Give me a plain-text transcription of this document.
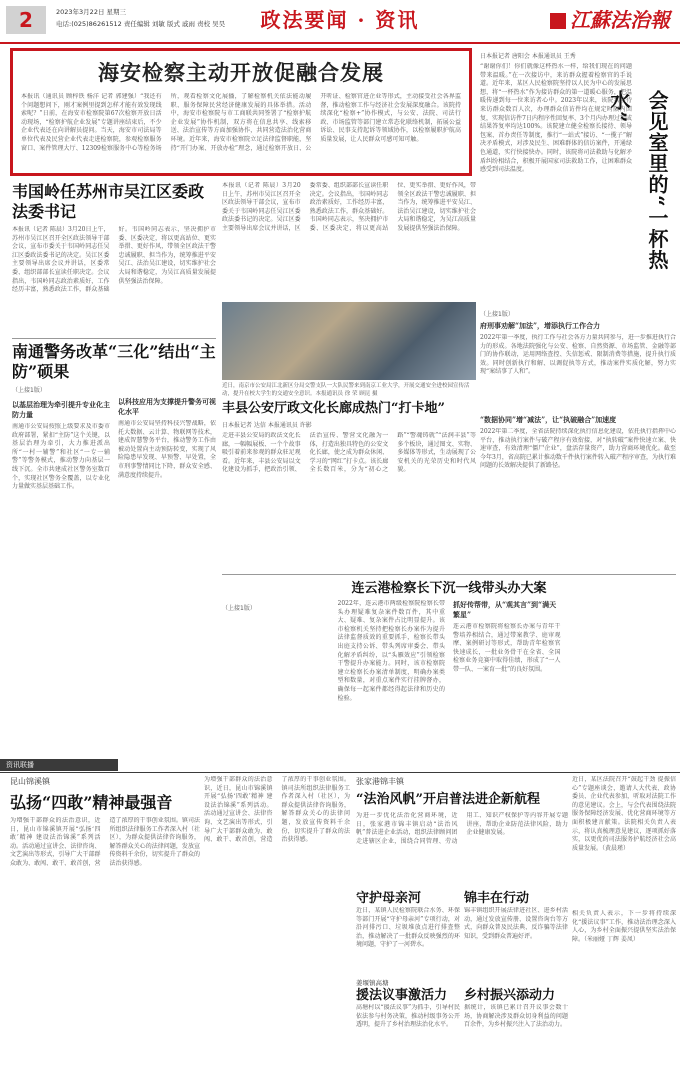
2	2023年3月22日 星期三
电话:(025)86261512 责任编辑 刘敏 版式 戚雨 责校 吴昊	政法要闻 · 资讯	江蘇法治報
海安检察主动开放促融合发展
本报讯（通讯员 顾梓铁 杨洋 记者 郭建强）“我还有个问题想问下，刚才案例里提到怎样才能有效发现线索呢？”日前，在海安市检察院第67次检察开放日活动现场，“检察护航企业发展”专题讲座结束后，不少企业代表还在向讲解员提问。当天，海安市司法局等单位代表及民营企业代表走进检察院，参观检察服务窗口、案件管理大厅、12309检察服务中心等检务场所，观看检察文化展播，了解检察机关依法能动履职、服务保障民营经济健康发展的具体举措。活动中，海安市检察院与市工商联共同签署了“检察护航企业发展”协作机制，双方将在信息共享、线索移送、法治宣传等方面加强协作，共同营造法治化营商环境。近年来，海安市检察院立足法律监督职能，坚持“开门办案、开放办检”理念，通过检察开放日、公开听证、检察官进企业等形式，主动接受社会各界监督，推动检察工作与经济社会发展深度融合。该院持续深化“检察+”协作模式，与公安、法院、司法行政、市场监管等部门建立常态化联络机制，拓展公益诉讼、民事支持起诉等领域协作，以检察履职护航高质量发展，让人民群众可感可知可触。
日本报记者 唐阳会 本报通讯员 王秀
“谢谢你们！你们就像这杯热水一样，给我们现在的问题带来温暖。”在一次接访中，来访群众握着检察官的手说道。近年来，某区人民检察院坚持以人民为中心的发展思想，将“一杯热水”作为接访群众的第一道暖心服务，把温暖传递到每一位来访者心中。2023年以来，该院共接待来访群众数百人次，办理群众信访件均在规定时限内回复，实现信访件7日内程序性回复率、3个月内办理过程或结果答复率均达100%。该院建立健全检察长接待、领导包案、首办责任等制度，推行“一站式”接访、“一揽子”解决矛盾模式，对涉及民生、困难群体的信访案件，开通绿色通道，实行快接快办。同时，该院将司法救助与化解矛盾纠纷相结合，积极开展国家司法救助工作，让困难群众感受到司法温度。	会见室里的“一杯热水”
（上接1版）
府刑事劝解“加法”，增添执行工作合力
2022年第一季度，执行工作与社会各方力量共同参与，进一步推进执行合力的形成。各地法院强化与公安、检察、自然资源、市场监管、金融等部门的协作联动，运用网络查控、失信惩戒、限制消费等措施，提升执行质效。同时创新执行和解、以调促执等方式，推动案件实质化解，努力实现“案结事了人和”。
“数据协同”增“减法”，让“执破融合”加速度
2022年第二季度，全省法院持续深化执行信息化建设，依托执行指挥中心平台，推动执行案件与破产程序有效衔接，对“执转破”案件快速立案、快速审查，有效清理“僵尸企业”，盘活存量资产，助力营商环境优化。截至今年3月，省高院已累计推动数千件执行案件转入破产程序审查，为执行难问题的长效解决提供了新路径。
韦国岭任苏州市吴江区委政法委书记
本报讯（记者 陈晨）3月20日上午，苏州市吴江区召开全区政法领导干部会议，宣布市委关于韦国岭同志任吴江区委政法委书记的决定。吴江区委主要领导出席会议并讲话，区委常委、组织部部长宣读任职决定。会议指出，韦国岭同志政治素质好，工作经历丰富，熟悉政法工作，群众基础好。韦国岭同志表示，坚决拥护市委、区委决定，将以更高站位、更实举措、更好作风，带领全区政法干警忠诚履职、担当作为，统筹推进平安吴江、法治吴江建设，切实维护社会大局和谐稳定，为吴江高质量发展提供坚强法治保障。
本报讯（记者 陈晨）3月20日上午，苏州市吴江区召开全区政法领导干部会议，宣布市委关于韦国岭同志任吴江区委政法委书记的决定。吴江区委主要领导出席会议并讲话，区委常委、组织部部长宣读任职决定。会议指出，韦国岭同志政治素质好，工作经历丰富，熟悉政法工作，群众基础好。韦国岭同志表示，坚决拥护市委、区委决定，将以更高站位、更实举措、更好作风，带领全区政法干警忠诚履职、担当作为，统筹推进平安吴江、法治吴江建设，切实维护社会大局和谐稳定，为吴江高质量发展提供坚强法治保障。
近日，南京市公安局江北新区分局交警支队一大队民警来到南京工业大学，开展交通安全进校园宣传活动，提升在校大学生的交通安全意识。本报通讯员 徐 荣 顾昆 摄
南通警务改革“三化”结出“主防”硕果
（上接1版）
以基层治理为牵引提升专业化主防力量
南通市公安局按照上级要求及市委市政府部署，紧扣“主防”这个关键，以基层治理为牵引，大力推进派出所“一村一辅警”和社区“一专一辅警”等警务模式，推动警力向基层一线下沉。全市共建成社区警务室数百个，实现社区警务全覆盖，以专业化力量做实基层基础工作。
以科技应用为支撑提升警务可视化水平
南通市公安局坚持科技兴警战略，依托大数据、云计算、物联网等技术，建成智慧警务平台，推动警务工作由被动处置向主动预防转变，实现了风险隐患早发现、早预警、早处置，全市刑事警情同比下降，群众安全感、满意度持续提升。
丰县公安厅政文化长廊成热门“打卡地”
日本报记者 达信 本报通讯员 许影
走进丰县公安局的政法文化长廊，一幅幅展板、一个个故事吸引着前来参观的群众驻足观看。近年来，丰县公安局以文化建设为抓手，把政治引领、法治宣传、警营文化融为一体，打造出独具特色的公安文化长廊，使之成为群众休闲、学习的“网红”打卡点。该长廊全长数百米，分为“初心之路”“警魂铸就”“法润丰县”等多个板块，通过图文、实物、多媒体等形式，生动展现了公安机关的光荣历史和时代风貌。
连云港检察长下沉一线带头办大案
（上接1版）
2022年，连云港市两级检察院检察长带头办理疑难复杂案件数百件，其中重大、疑难、复杂案件占比明显提升。该市检察机关坚持把检察长办案作为提升法律监督质效的重要抓手，检察长带头出庭支持公诉、带头列席审委会、带头化解矛盾纠纷，以“头雁效应”引领检察干警提升办案能力。同时，该市检察院建立检察长办案清单制度，明确办案类型和数量，对重点案件实行挂牌督办，确保每一起案件都经得起法律和历史的检验。
抓好传帮带，从“观其言”到“满天繁星”
连云港市检察院将检察长办案与青年干警培养相结合，通过带案教学、庭审观摩、案例研讨等形式，帮助青年检察官快速成长，一批业务骨干在全省、全国检察业务竞赛中取得佳绩，形成了“一人带一队、一案育一批”的良好氛围。
资讯联播
昆山锦溪镇
弘扬“四敢”精神最强音
为增强干部群众的法治意识，近日，昆山市锦溪镇开展“弘扬‘四敢’精神 建设法治锦溪”系列活动。活动通过宣讲会、法律咨询、文艺演出等形式，引导广大干部群众敢为、敢闯、敢干、敢首创，营造了浓厚的干事创业氛围。镇司法所组织法律服务工作者深入村（社区），为群众提供法律咨询服务，解答群众关心的法律问题，发放宣传资料千余份，切实提升了群众的法治获得感。
为增强干部群众的法治意识，近日，昆山市锦溪镇开展“弘扬‘四敢’精神 建设法治锦溪”系列活动。活动通过宣讲会、法律咨询、文艺演出等形式，引导广大干部群众敢为、敢闯、敢干、敢首创，营造了浓厚的干事创业氛围。镇司法所组织法律服务工作者深入村（社区），为群众提供法律咨询服务，解答群众关心的法律问题，发放宣传资料千余份，切实提升了群众的法治获得感。
张家港锦丰镇
“法治风帆”开启普法进企新航程
为进一步优化法治化营商环境，近日，张家港市锦丰镇启动“法治风帆”普法进企业活动，组织法律顾问团走进辖区企业，围绕合同管理、劳动用工、知识产权保护等内容开展专题讲座，帮助企业防范法律风险，助力企业健康发展。
近日，某区法院召开“鼓起干劲 提振信心”专题座谈会，邀请人大代表、政协委员、企业代表参加，听取对法院工作的意见建议。会上，与会代表围绕法院服务保障经济发展、优化营商环境等方面积极建言献策。法院相关负责人表示，将认真梳理意见建议，逐项抓好落实，以更优的司法服务护航经济社会高质量发展。（黄晨瑾）
守护母亲河
近日，某镇人民检察院联合水务、环保等部门开展“守护母亲河”专项行动，对沿河排污口、垃圾堆放点进行排查整治，推动解决了一批群众反映强烈的环境问题，守护了一河碧水。
锦丰在行动
锦丰镇组织开展法律进社区、进乡村活动，通过发放宣传册、设置咨询台等方式，向群众普及民法典、反诈骗等法律知识，受到群众普遍好评。
姜堰镇高塘
援法议事激活力
高塘村以“援法议事”为抓手，引导村民依法参与村务决策，推动村级事务公开透明，提升了乡村治理法治化水平。
乡村振兴添动力
据统计，该镇已累计召开议事会数十场，协商解决涉及群众切身利益的问题百余件，为乡村振兴注入了法治动力。
相关负责人表示，下一步将持续深化“援法议事”工作，推动法治理念深入人心，为乡村全面振兴提供坚实法治保障。（米丽娅 丁辉 姜凤）
